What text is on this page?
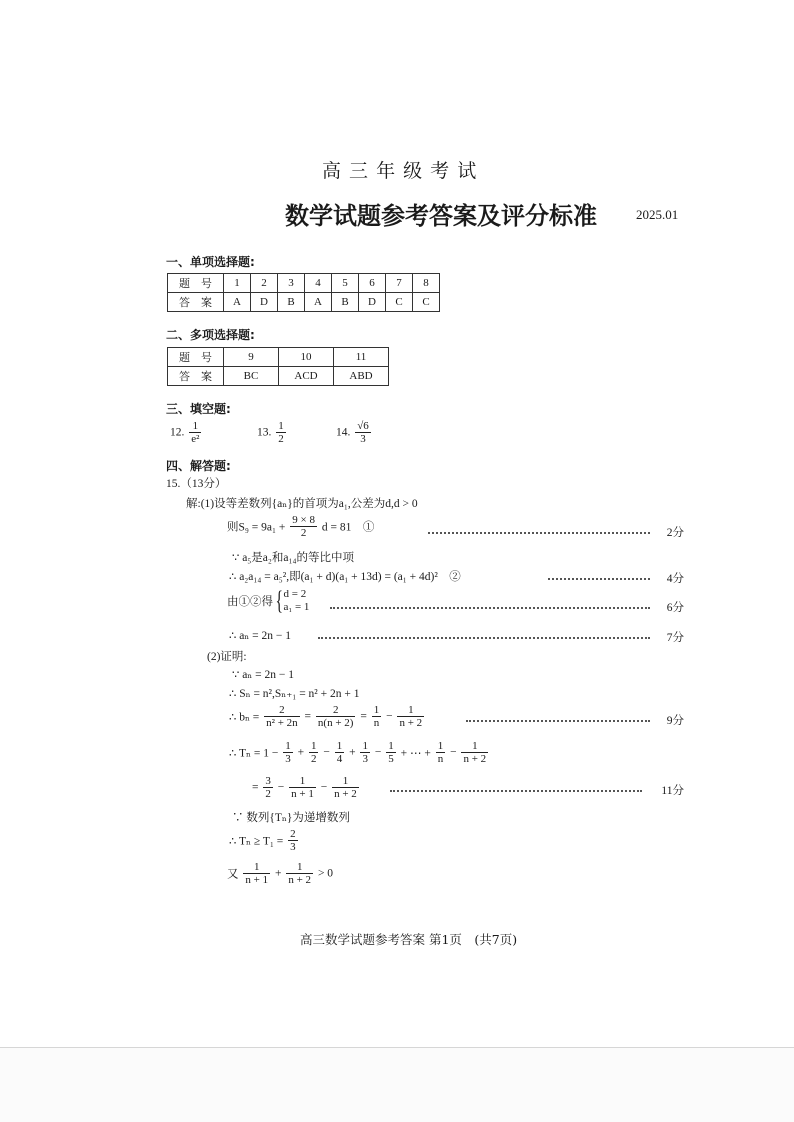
高 三 年 级 考 试
数学试题参考答案及评分标准	2025.01
一、单项选择题:
题　号	1	2	3	4	5	6	7	8
答　案	A	D	B	A	B	D	C	C
二、多项选择题:
题　号	9	10	11
答　案	BC	ACD	ABD
三、填空题:
12. $\frac{1}{\text{e²}}$	13. $\frac{1}{2}$	14. $\frac{√6}{3}$
四、解答题:
15.（13分）
解:(1)设等差数列{aₙ}的首项为a₁,公差为d,d > 0
则$S_9 = 9a_1 + \frac{9 \times 8}{2}$ d = 81　①	2分
∵ a₅是a₂和a₁₄的等比中项
∴ a₂a₁₄ = a₅²,即(a₁ + d)(a₁ + 13d) = (a₁ + 4d)²　②	4分
由①②得{ d = 2
a₁ = 1	6分
∴ aₙ = 2n − 1	7分
(2)证明:
∵ aₙ = 2n − 1
∴ Sₙ = n²,Sₙ₊₁ = n² + 2n + 1
∴ $b_n = \frac{2}{\text{n² + 2n}} = \frac{2}{n(n + 2)} = \frac{1}{n} - \frac{1}{n + 2}$	9分
∴ $T_n = 1 - \frac{1}{3} + \frac{1}{2} - \frac{1}{4} + \frac{1}{3} - \frac{1}{5}$ + ⋯ + $\frac{1}{n} - \frac{1}{n + 2}$
= $\frac{3}{2} - \frac{1}{n + 1} - \frac{1}{n + 2}$	11分
∵ 数列{Tₙ}为递增数列
∴ $T_n \ge T_1 = \frac{2}{3}$
又 $\frac{1}{n + 1} + \frac{1}{n + 2} > 0$
高三数学试题参考答案 第1页　(共7页)
